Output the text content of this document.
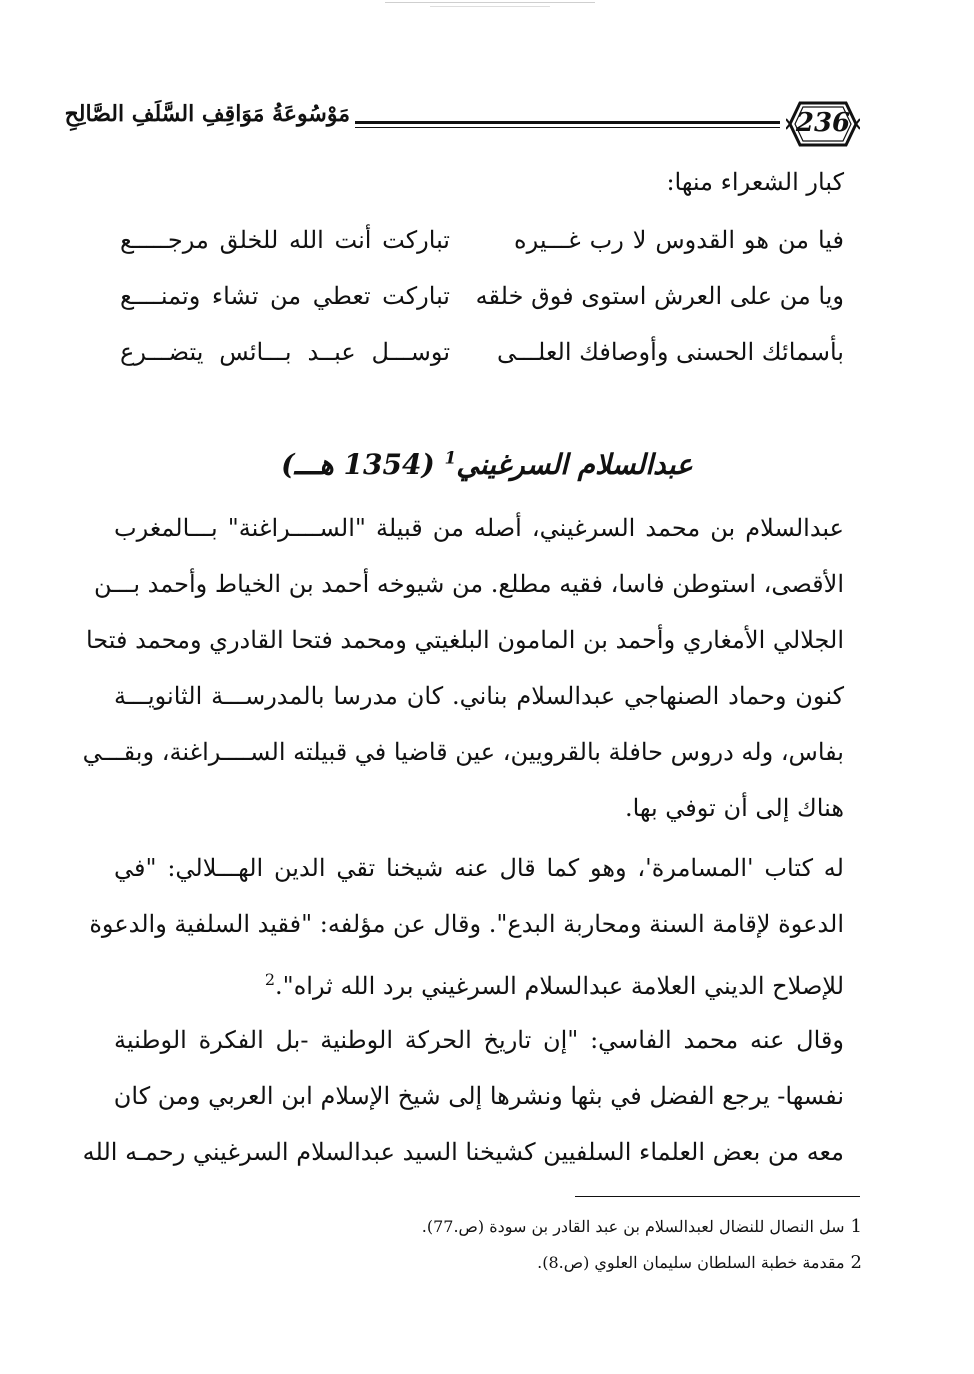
236
مَوْسُوعَةُ مَوَاقِفِ السَّلَفِ الصَّالِحِ
كبار الشعراء منها:
فيا من هو القدوس لا رب غـــيره
تباركت أنت الله للخلق مرجـــــع
ويا من على العرش استوى فوق خلقه
تباركت تعطي من تشاء وتمنــــع
بأسمائك الحسنى وأوصافك العلـــى
توســـل عبــد بـــائس يتضـــرع
عبدالسلام السرغيني$^1$ (1354 هـــ)
عبدالسلام بن محمد السرغيني، أصله من قبيلة "الســــراغنة" بـــالمغرب
الأقصى، استوطن فاسا، فقيه مطلع. من شيوخه أحمد بن الخياط وأحمد بـــن
الجلالي الأمغاري وأحمد بن المامون البلغيتي ومحمد فتحا القادري ومحمد فتحا
كنون وحماد الصنهاجي عبدالسلام بناني. كان مدرسا بالمدرســـة الثانويـــة
بفاس، وله دروس حافلة بالقرويين، عين قاضيا في قبيلته الســــراغنة، وبقـــي
هناك إلى أن توفي بها.
له كتاب 'المسامرة'، وهو كما قال عنه شيخنا تقي الدين الهـــلالي: "في
الدعوة لإقامة السنة ومحاربة البدع". وقال عن مؤلفه: "فقيد السلفية والدعوة
للإصلاح الديني العلامة عبدالسلام السرغيني برد الله ثراه".$^2$
وقال عنه محمد الفاسي: "إن تاريخ الحركة الوطنية -بل الفكرة الوطنية
نفسها- يرجع الفضل في بثها ونشرها إلى شيخ الإسلام ابن العربي ومن كان
معه من بعض العلماء السلفيين كشيخنا السيد عبدالسلام السرغيني رحمـه الله
1سل النصال للنضال لعبدالسلام بن عبد القادر بن سودة (ص.77).
2مقدمة خطبة السلطان سليمان العلوي (ص.8).
